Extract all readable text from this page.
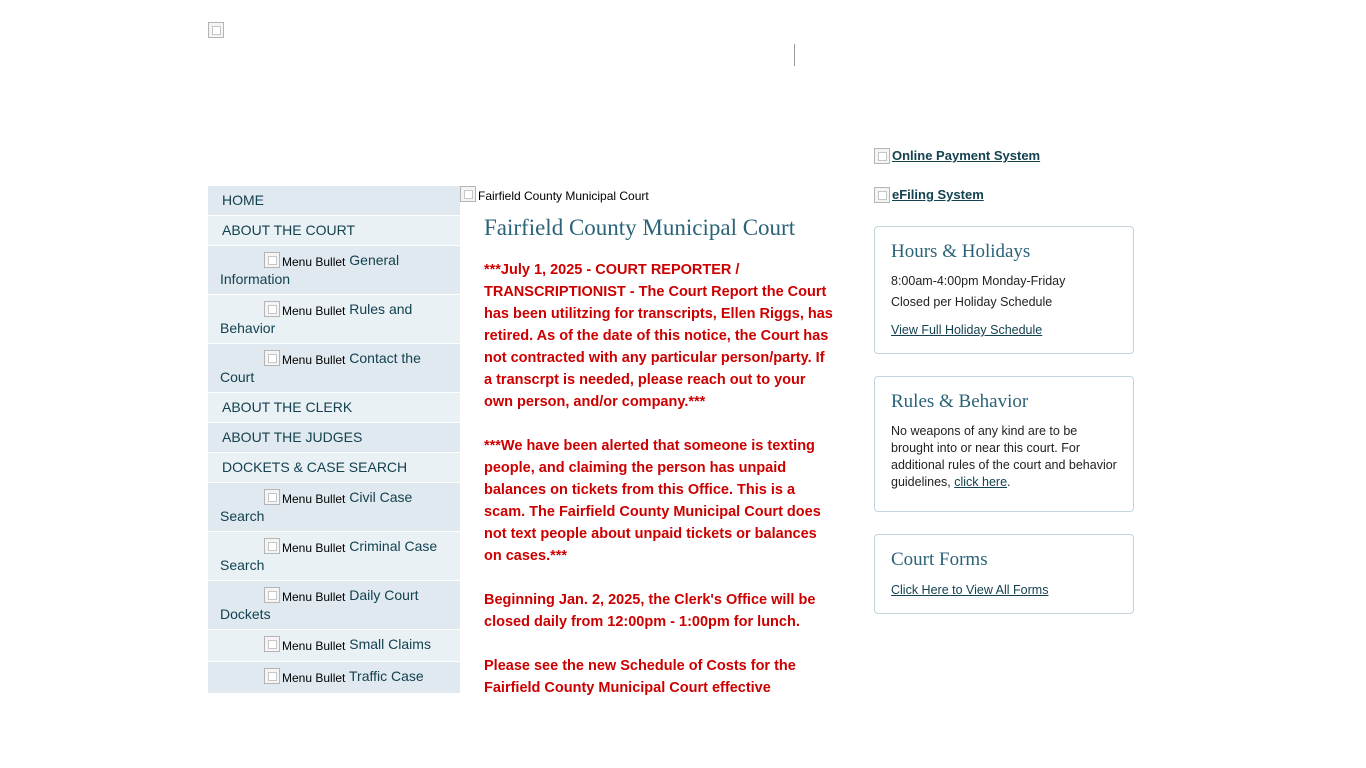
HOME
ABOUT THE COURT
Menu Bullet General Information
Menu Bullet Rules and Behavior
Menu Bullet Contact the Court
ABOUT THE CLERK
ABOUT THE JUDGES
DOCKETS & CASE SEARCH
Menu Bullet Civil Case Search
Menu Bullet Criminal Case Search
Menu Bullet Daily Court Dockets
Menu Bullet Small Claims
Menu Bullet Traffic Case
Fairfield County Municipal Court
Fairfield County Municipal Court

***July 1, 2025 - COURT REPORTER / TRANSCRIPTIONIST - The Court Report the Court has been utilitzing for transcripts, Ellen Riggs, has retired. As of the date of this notice, the Court has not contracted with any particular person/party. If a transcrpt is needed, please reach out to your own person, and/or company.***

***We have been alerted that someone is texting people, and claiming the person has unpaid balances on tickets from this Office. This is a scam. The Fairfield County Municipal Court does not text people about unpaid tickets or balances on cases.***

Beginning Jan. 2, 2025, the Clerk's Office will be closed daily from 12:00pm - 1:00pm for lunch.

Please see the new Schedule of Costs for the Fairfield County Municipal Court effective

Online Payment System
eFiling System
Hours & Holidays

8:00am-4:00pm Monday-Friday

Closed per Holiday Schedule

View Full Holiday Schedule
Rules & Behavior

No weapons of any kind are to be brought into or near this court. For additional rules of the court and behavior guidelines, click here.

Court Forms
Click Here to View All Forms
